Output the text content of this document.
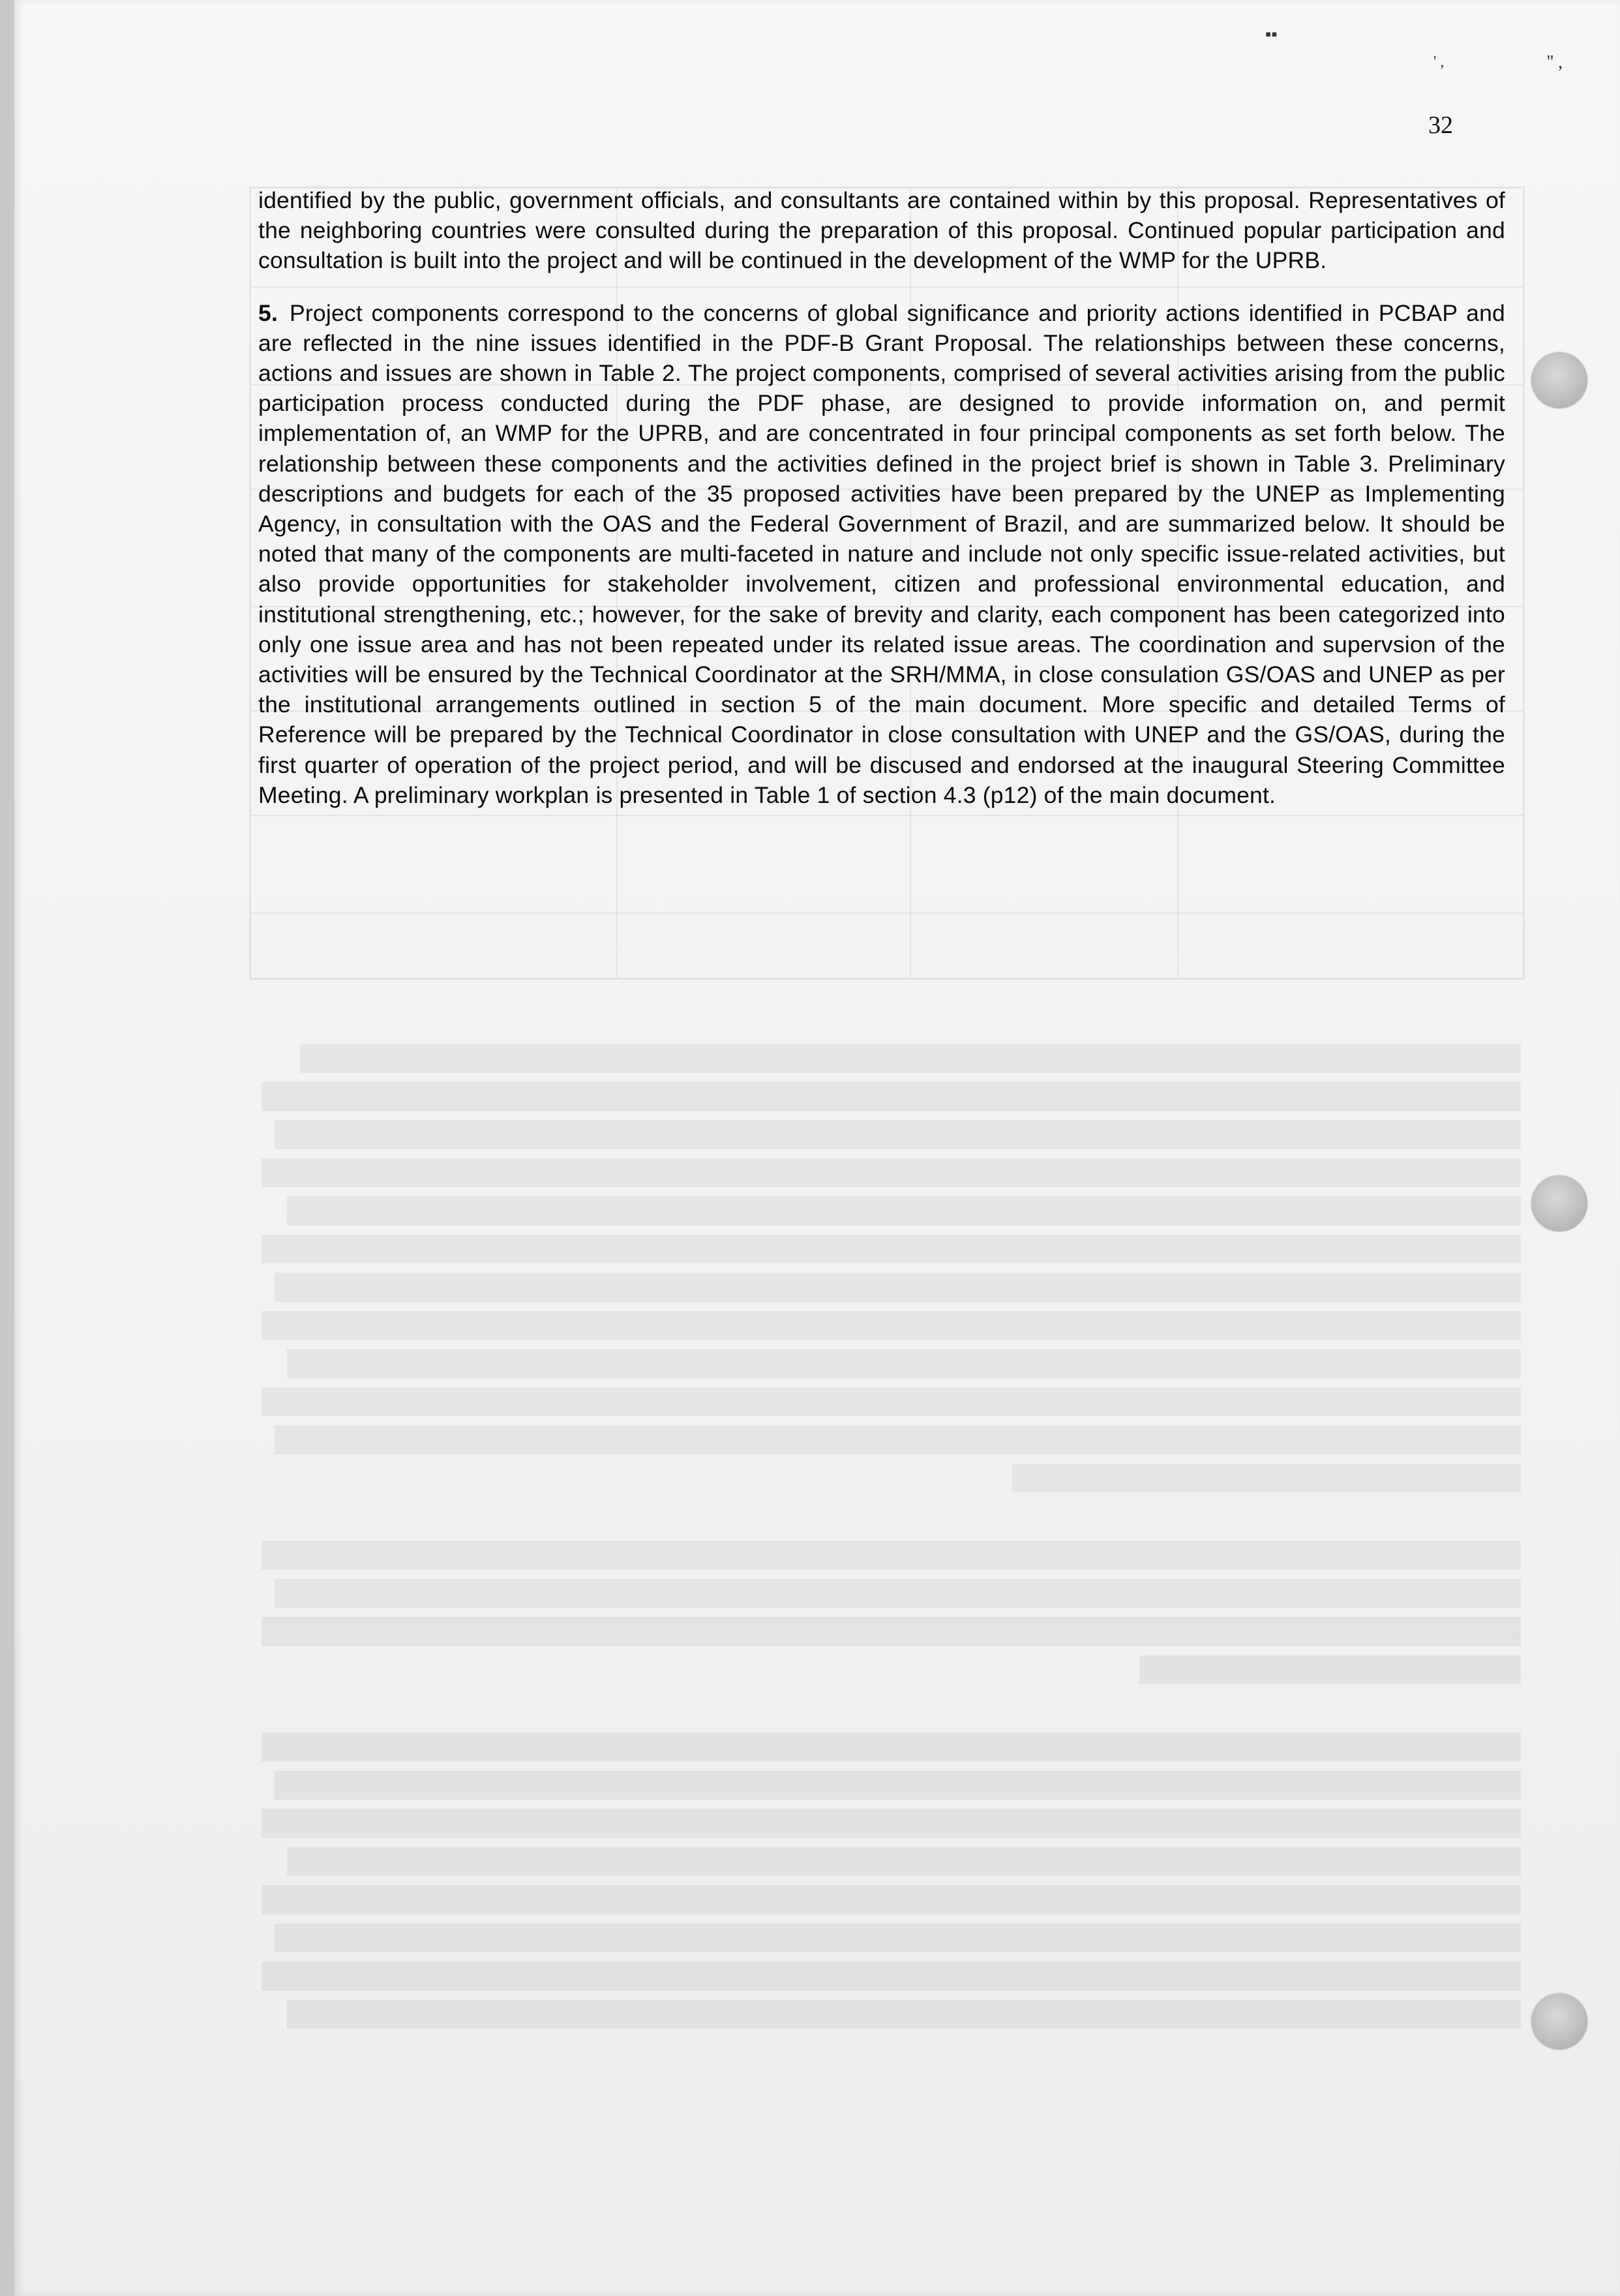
▪▪
' ,	'' ,
32

identified by the public, government officials, and consultants are contained within by this proposal. Representatives of the neighboring countries were consulted during the preparation of this proposal. Continued popular participation and consultation is built into the project and will be continued in the development of the WMP for the UPRB.

5. Project components correspond to the concerns of global significance and priority actions identified in PCBAP and are reflected in the nine issues identified in the PDF-B Grant Proposal. The relationships between these concerns, actions and issues are shown in Table 2. The project components, comprised of several activities arising from the public participation process conducted during the PDF phase, are designed to provide information on, and permit implementation of, an WMP for the UPRB, and are concentrated in four principal components as set forth below. The relationship between these components and the activities defined in the project brief is shown in Table 3. Preliminary descriptions and budgets for each of the 35 proposed activities have been prepared by the UNEP as Implementing Agency, in consultation with the OAS and the Federal Government of Brazil, and are summarized below. It should be noted that many of the components are multi-faceted in nature and include not only specific issue-related activities, but also provide opportunities for stakeholder involvement, citizen and professional environmental education, and institutional strengthening, etc.; however, for the sake of brevity and clarity, each component has been categorized into only one issue area and has not been repeated under its related issue areas. The coordination and supervsion of the activities will be ensured by the Technical Coordinator at the SRH/MMA, in close consulation GS/OAS and UNEP as per the institutional arrangements outlined in section 5 of the main document. More specific and detailed Terms of Reference will be prepared by the Technical Coordinator in close consultation with UNEP and the GS/OAS, during the first quarter of operation of the project period, and will be discused and endorsed at the inaugural Steering Committee Meeting. A preliminary workplan is presented in Table 1 of section 4.3 (p12) of the main document.
